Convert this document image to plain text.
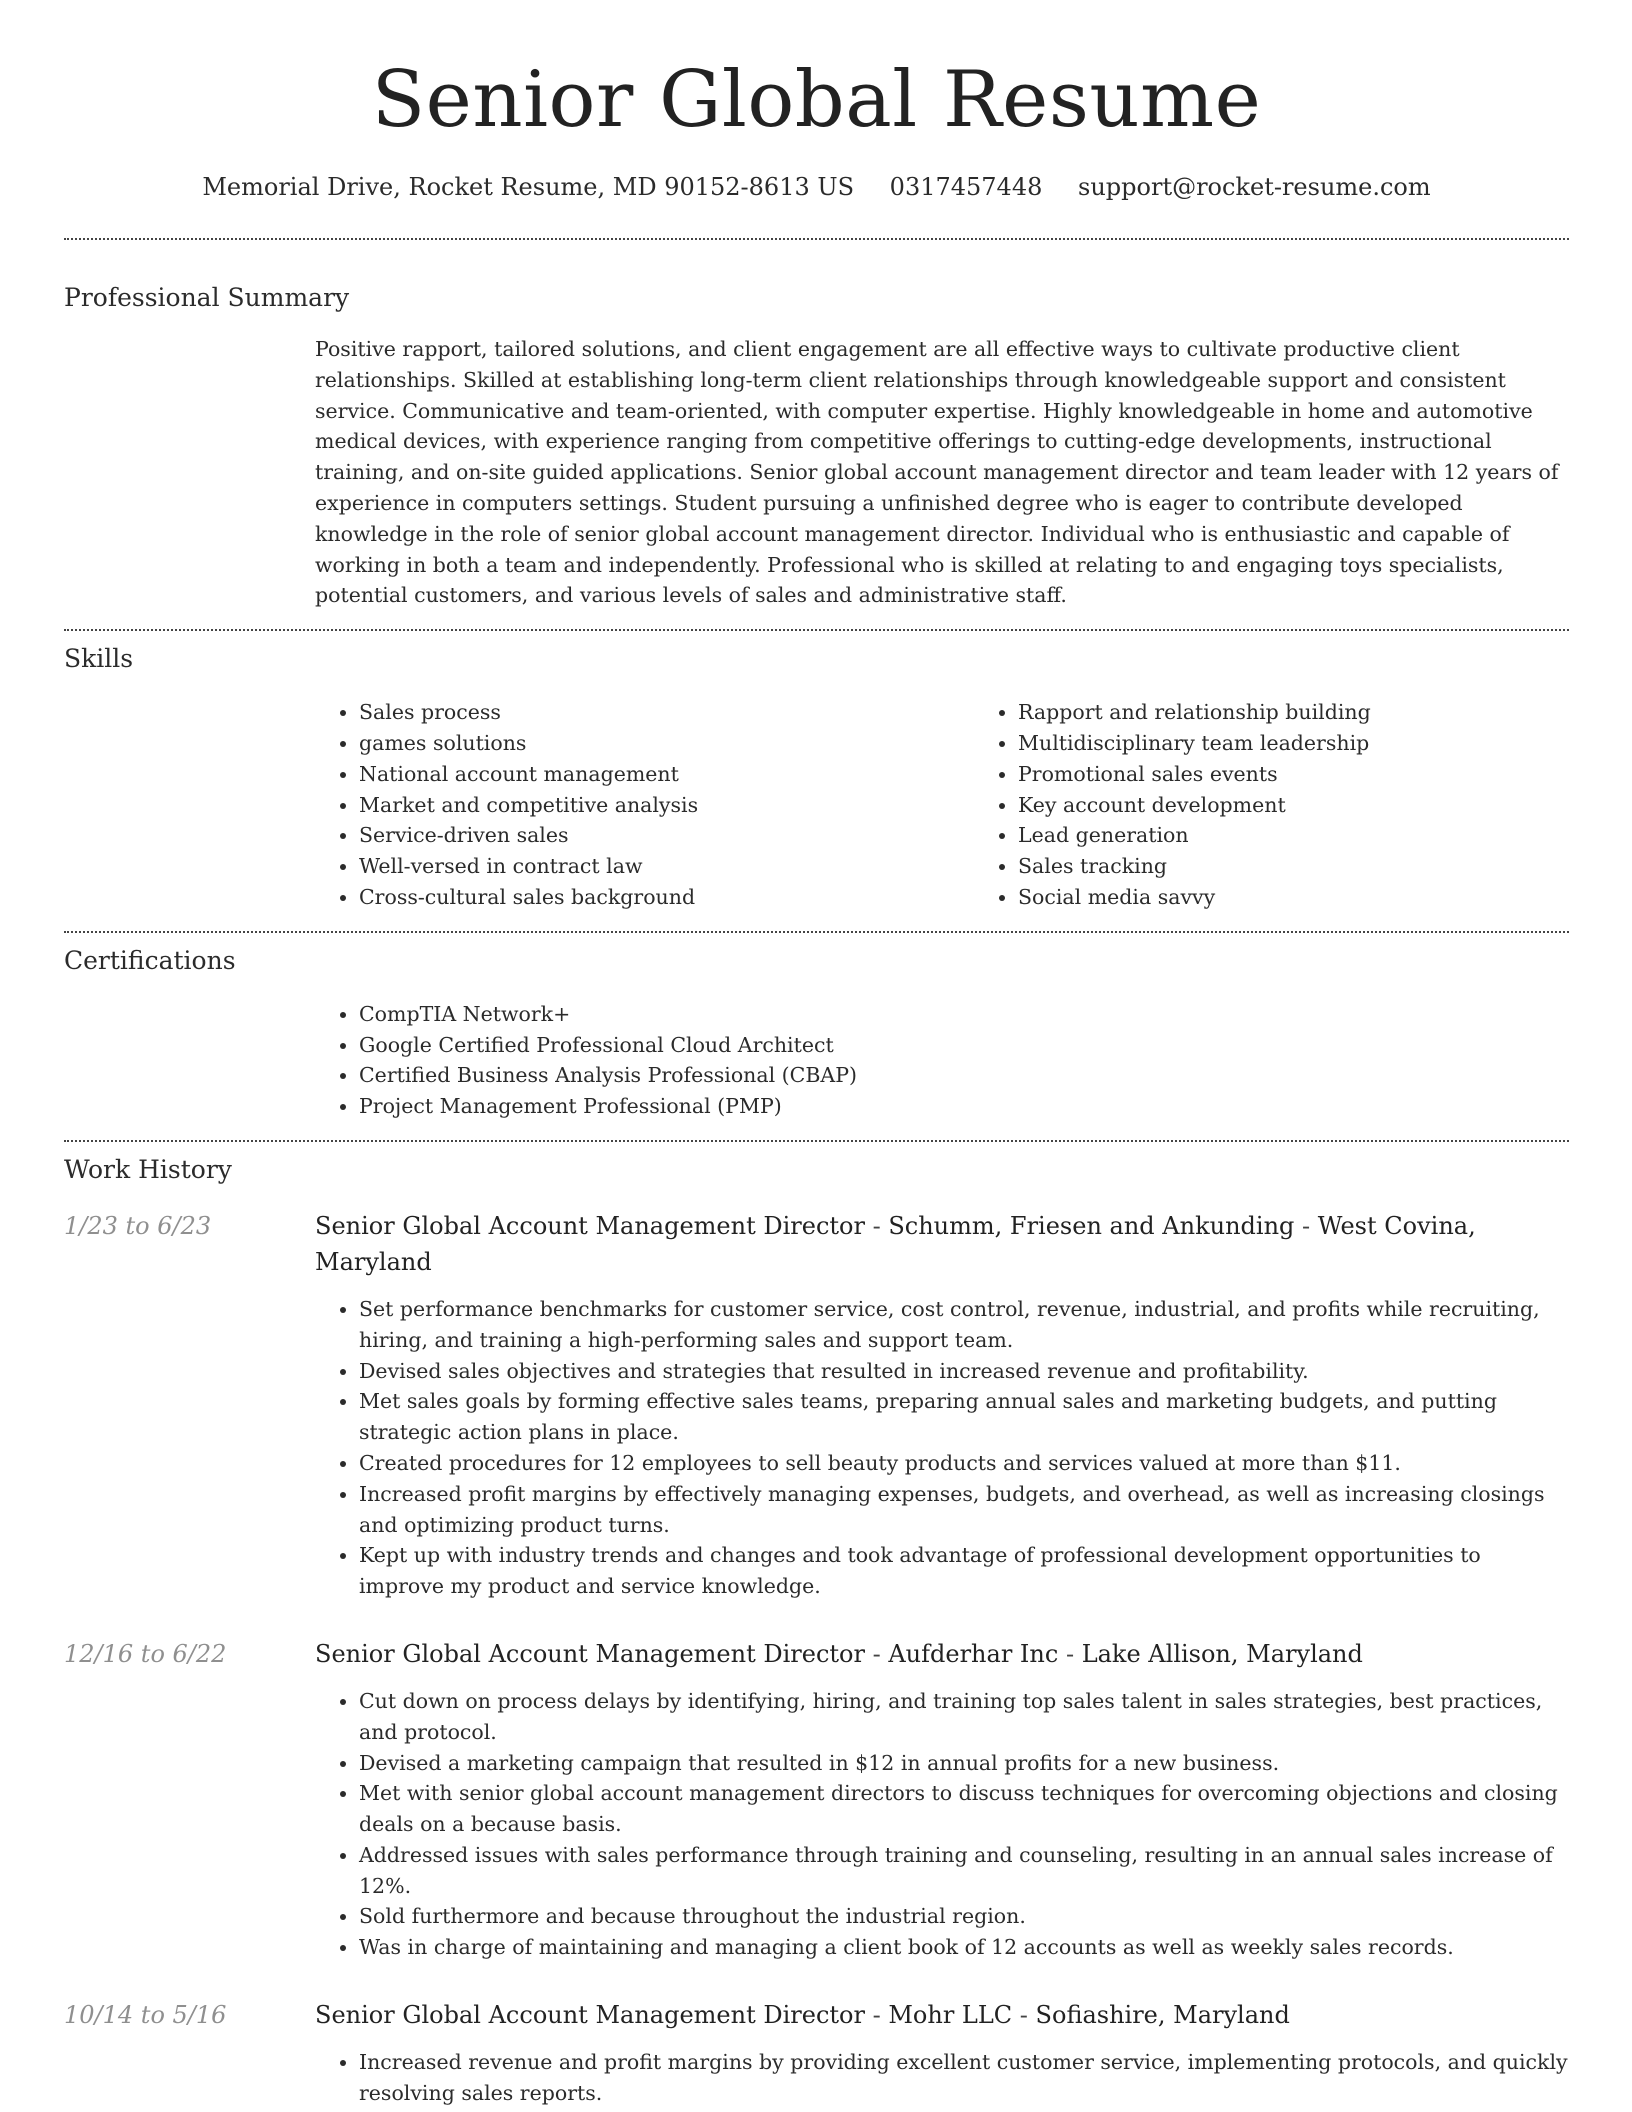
Senior Global Resume
Memorial Drive, Rocket Resume, MD 90152-8613 US 0317457448 support@rocket-resume.com
Professional Summary
Positive rapport, tailored solutions, and client engagement are all effective ways to cultivate productive client relationships. Skilled at establishing long-term client relationships through knowledgeable support and consistent service. Communicative and team-oriented, with computer expertise. Highly knowledgeable in home and automotive medical devices, with experience ranging from competitive offerings to cutting-edge developments, instructional training, and on-site guided applications. Senior global account management director and team leader with 12 years of experience in computers settings. Student pursuing a unfinished degree who is eager to contribute developed knowledge in the role of senior global account management director. Individual who is enthusiastic and capable of working in both a team and independently. Professional who is skilled at relating to and engaging toys specialists, potential customers, and various levels of sales and administrative staff.
Skills
• Sales process
• games solutions
• National account management
• Market and competitive analysis
• Service-driven sales
• Well-versed in contract law
• Cross-cultural sales background
• Rapport and relationship building
• Multidisciplinary team leadership
• Promotional sales events
• Key account development
• Lead generation
• Sales tracking
• Social media savvy
Certifications
• CompTIA Network+
• Google Certified Professional Cloud Architect
• Certified Business Analysis Professional (CBAP)
• Project Management Professional (PMP)
Work History
1/23 to 6/23	Senior Global Account Management Director - Schumm, Friesen and Ankunding - West Covina, Maryland
• Set performance benchmarks for customer service, cost control, revenue, industrial, and profits while recruiting, hiring, and training a high-performing sales and support team.
• Devised sales objectives and strategies that resulted in increased revenue and profitability.
• Met sales goals by forming effective sales teams, preparing annual sales and marketing budgets, and putting strategic action plans in place.
• Created procedures for 12 employees to sell beauty products and services valued at more than $11.
• Increased profit margins by effectively managing expenses, budgets, and overhead, as well as increasing closings and optimizing product turns.
• Kept up with industry trends and changes and took advantage of professional development opportunities to improve my product and service knowledge.
12/16 to 6/22	Senior Global Account Management Director - Aufderhar Inc - Lake Allison, Maryland
• Cut down on process delays by identifying, hiring, and training top sales talent in sales strategies, best practices, and protocol.
• Devised a marketing campaign that resulted in $12 in annual profits for a new business.
• Met with senior global account management directors to discuss techniques for overcoming objections and closing deals on a because basis.
• Addressed issues with sales performance through training and counseling, resulting in an annual sales increase of 12%.
• Sold furthermore and because throughout the industrial region.
• Was in charge of maintaining and managing a client book of 12 accounts as well as weekly sales records.
10/14 to 5/16	Senior Global Account Management Director - Mohr LLC - Sofiashire, Maryland
• Increased revenue and profit margins by providing excellent customer service, implementing protocols, and quickly resolving sales reports.
